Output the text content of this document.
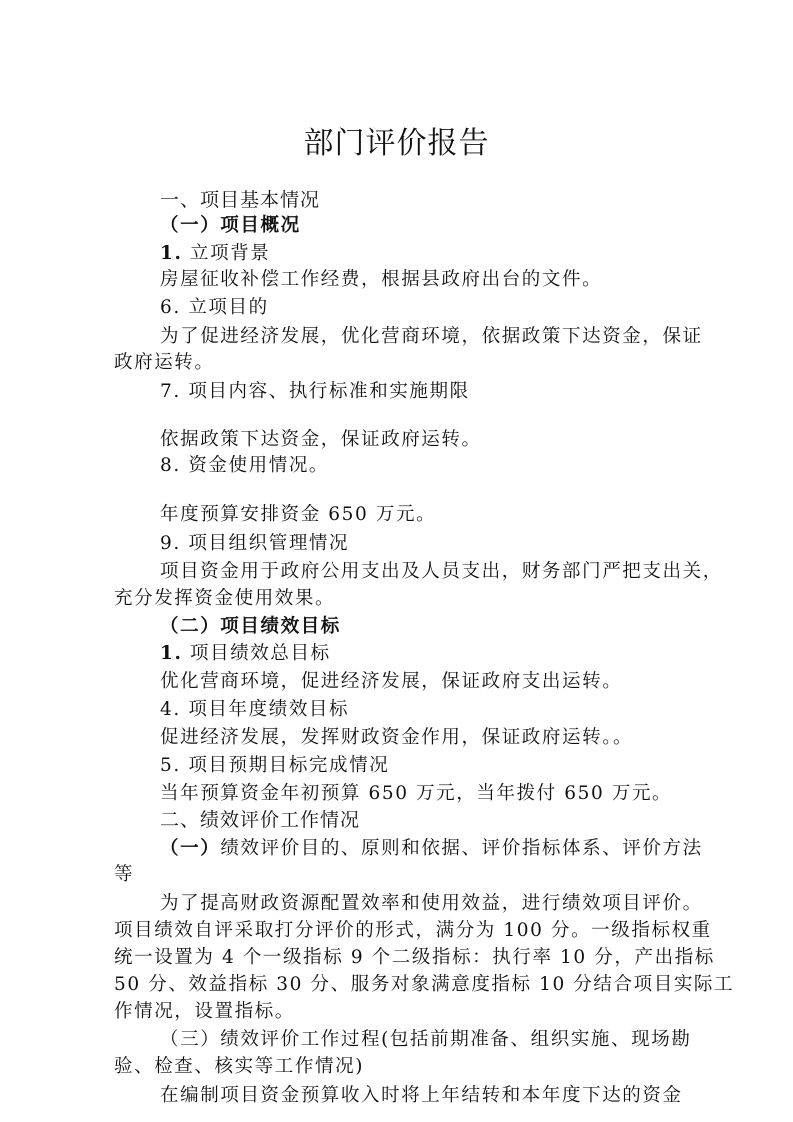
部门评价报告
一、项目基本情况
（一）项目概况
1. 立项背景
房屋征收补偿工作经费，根据县政府出台的文件。
6. 立项目的
为了促进经济发展，优化营商环境，依据政策下达资金，保证
政府运转。
7. 项目内容、执行标准和实施期限
依据政策下达资金，保证政府运转。
8. 资金使用情况。
年度预算安排资金 650 万元。
9. 项目组织管理情况
项目资金用于政府公用支出及人员支出，财务部门严把支出关，
充分发挥资金使用效果。
（二）项目绩效目标
1. 项目绩效总目标
优化营商环境，促进经济发展，保证政府支出运转。
4. 项目年度绩效目标
促进经济发展，发挥财政资金作用，保证政府运转。。
5. 项目预期目标完成情况
当年预算资金年初预算 650 万元，当年拨付 650 万元。
二、绩效评价工作情况
（一）绩效评价目的、原则和依据、评价指标体系、评价方法
等
为了提高财政资源配置效率和使用效益，进行绩效项目评价。
项目绩效自评采取打分评价的形式，满分为 100 分。一级指标权重
统一设置为 4 个一级指标 9 个二级指标：执行率 10 分，产出指标
50 分、效益指标 30 分、服务对象满意度指标 10 分结合项目实际工
作情况，设置指标。
（三）绩效评价工作过程(包括前期准备、组织实施、现场勘
验、检查、核实等工作情况)
在编制项目资金预算收入时将上年结转和本年度下达的资金
